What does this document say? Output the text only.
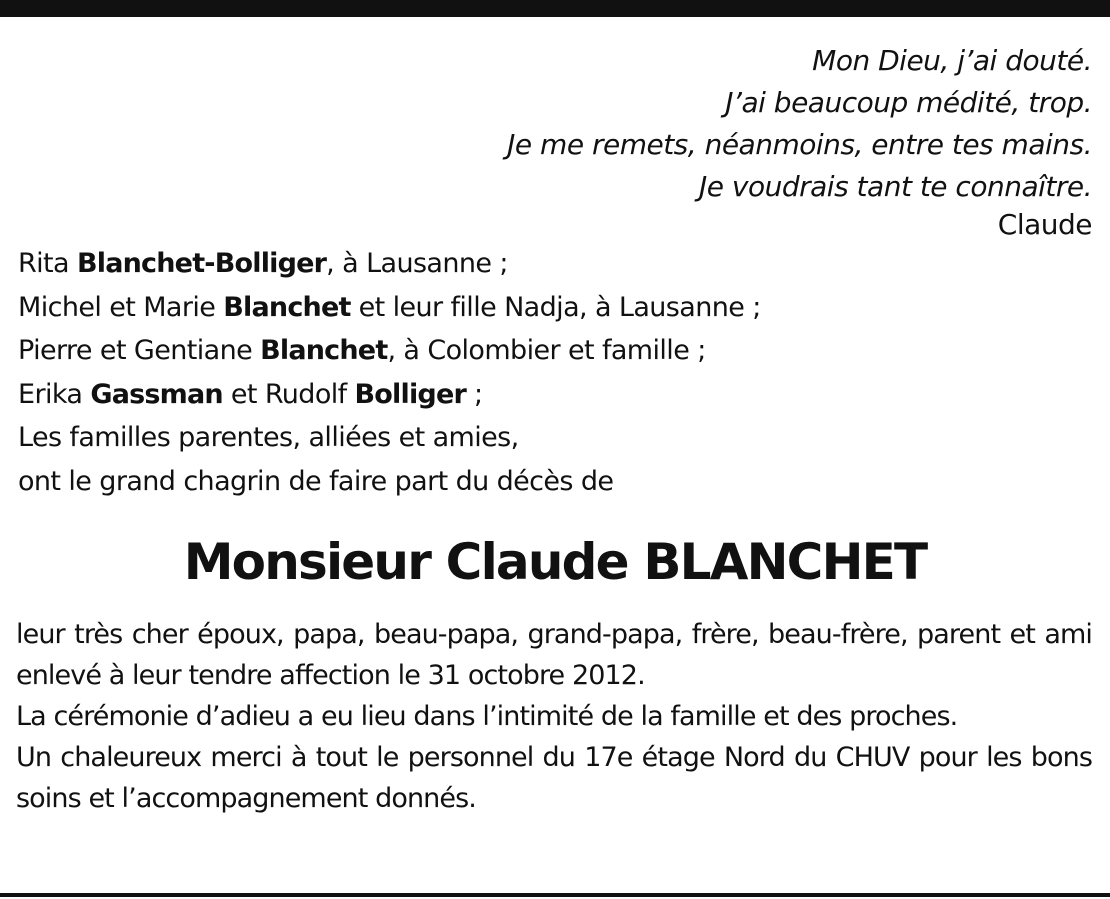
Mon Dieu, j’ai douté.
J’ai beaucoup médité, trop.
Je me remets, néanmoins, entre tes mains.
Je voudrais tant te connaître.
Claude
Rita Blanchet-Bolliger, à Lausanne ;
Michel et Marie Blanchet et leur fille Nadja, à Lausanne ;
Pierre et Gentiane Blanchet, à Colombier et famille ;
Erika Gassman et Rudolf Bolliger ;
Les familles parentes, alliées et amies,
ont le grand chagrin de faire part du décès de
Monsieur Claude BLANCHET

leur très cher époux, papa, beau-papa, grand-papa, frère, beau-frère, parent et ami enlevé à leur tendre affection le 31 octobre 2012.

La cérémonie d’adieu a eu lieu dans l’intimité de la famille et des proches.

Un chaleureux merci à tout le personnel du 17e étage Nord du CHUV pour les bons soins et l’accompagnement donnés.
